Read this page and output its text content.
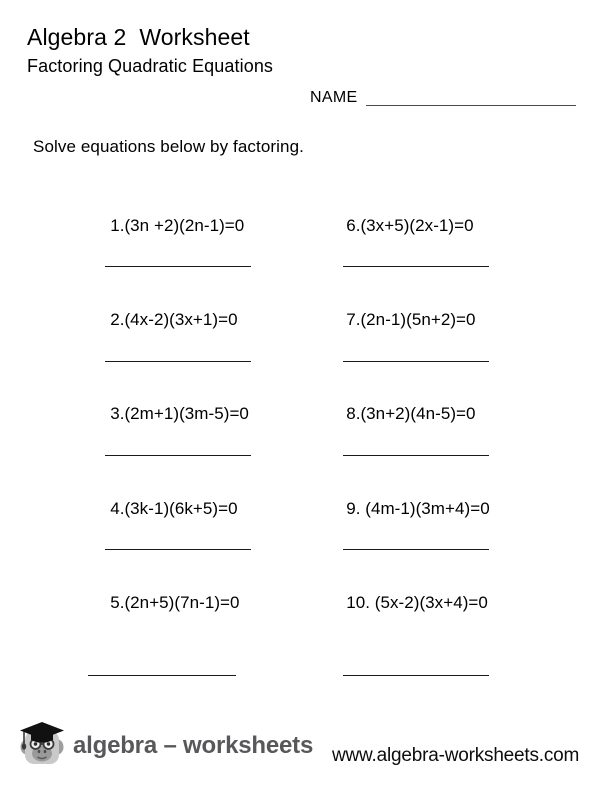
Algebra 2  Worksheet
Factoring Quadratic Equations
NAME
Solve equations below by factoring.

1.(3n +2)(2n-1)=0

2.(4x-2)(3x+1)=0

3.(2m+1)(3m-5)=0

4.(3k-1)(6k+5)=0

5.(2n+5)(7n-1)=0

6.(3x+5)(2x-1)=0

7.(2n-1)(5n+2)=0

8.(3n+2)(4n-5)=0

9. (4m-1)(3m+4)=0

10. (5x-2)(3x+4)=0

algebra – worksheets www.algebra-worksheets.com
